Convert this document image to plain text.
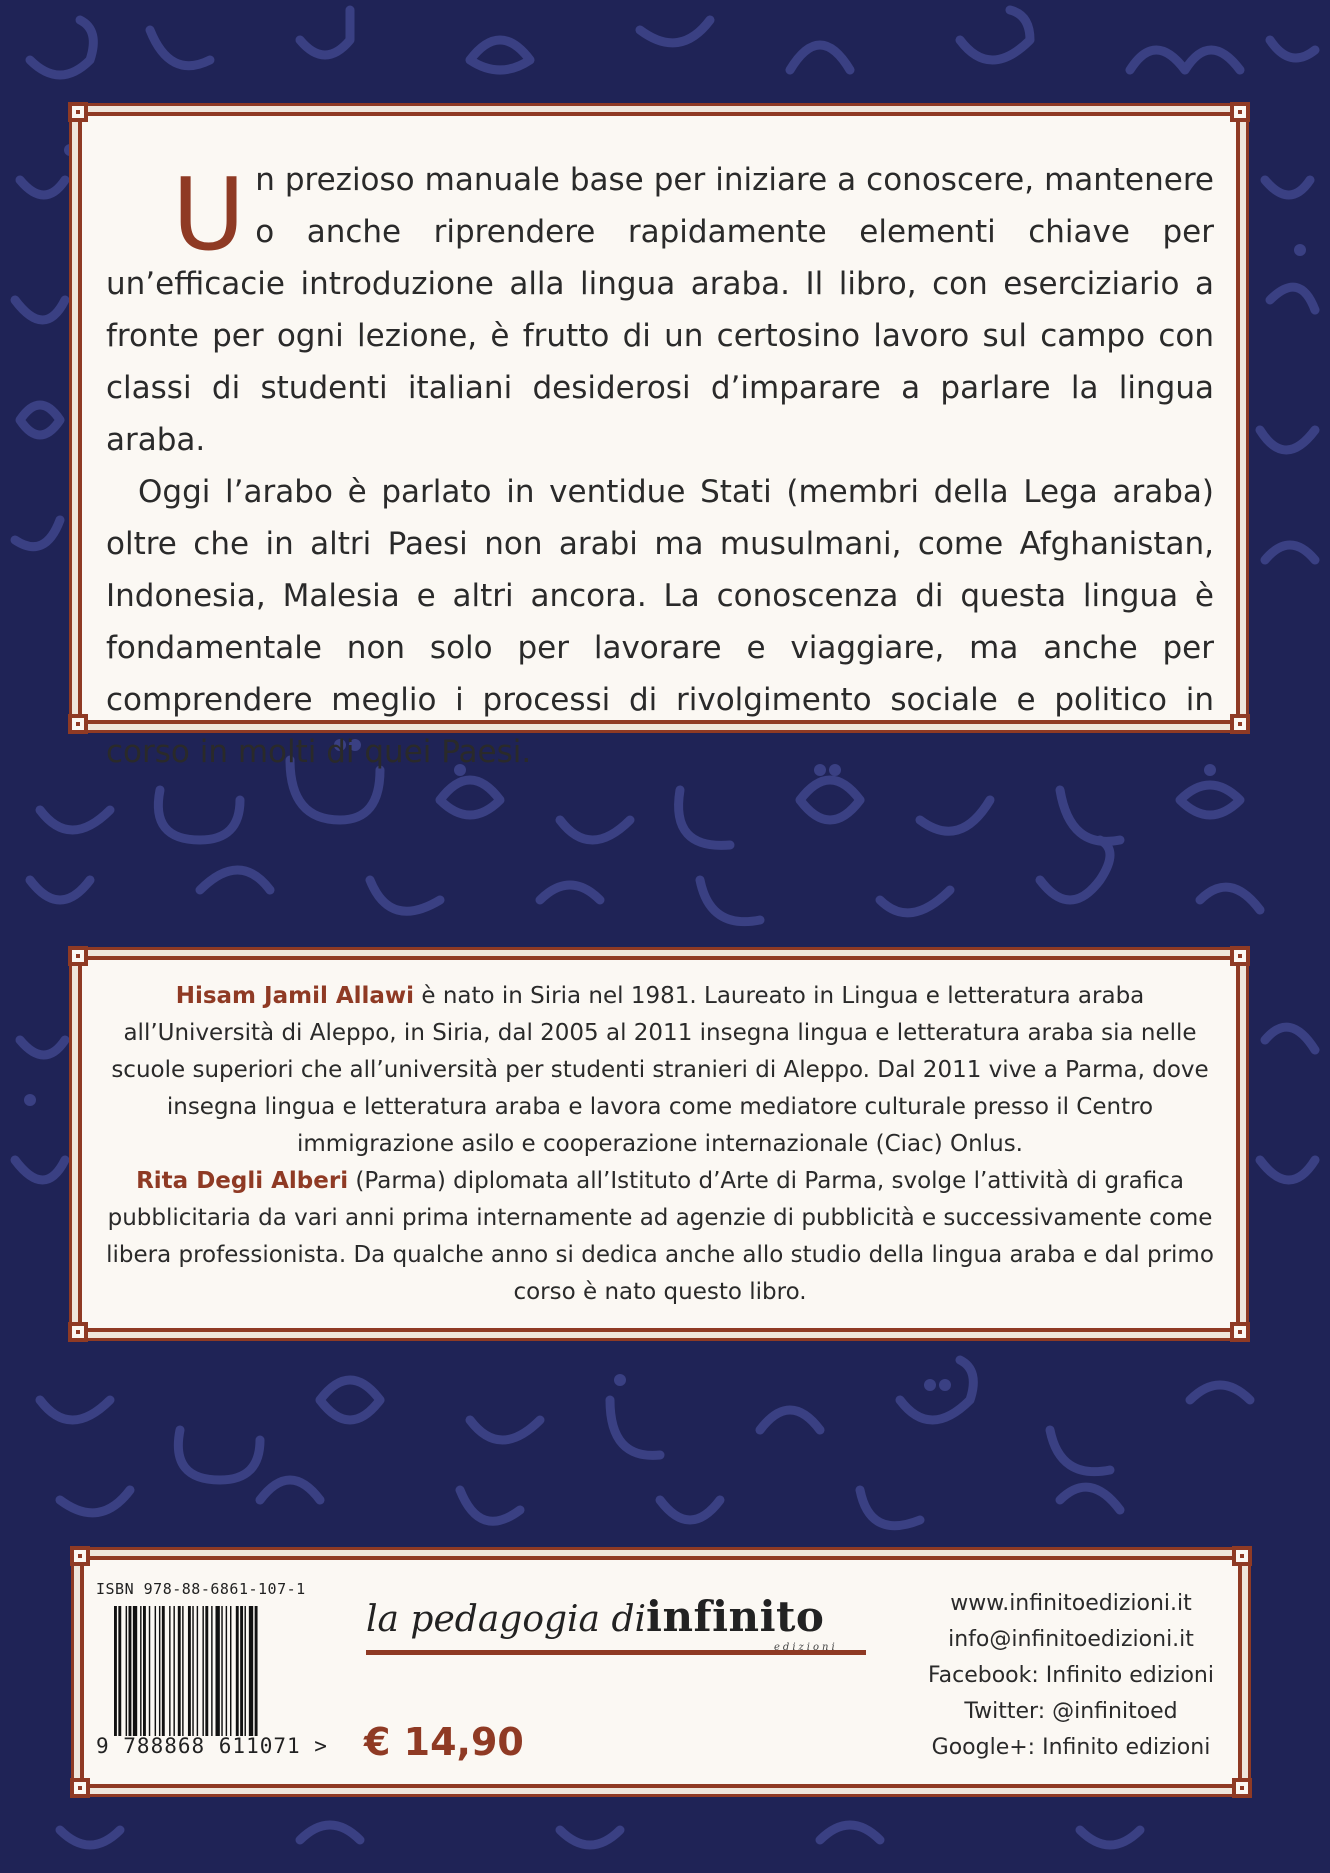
Un prezioso manuale base per iniziare a conoscere, mantenere o anche riprendere rapidamente elementi chiave per un’efficacie introduzione alla lingua araba. Il libro, con eserciziario a fronte per ogni lezione, è frutto di un certosino lavoro sul campo con classi di studenti italiani desiderosi d’imparare a parlare la lingua araba.

Oggi l’arabo è parlato in ventidue Stati (membri della Lega araba) oltre che in altri Paesi non arabi ma musulmani, come Afghanistan, Indonesia, Malesia e altri ancora. La conoscenza di questa lingua è fondamentale non solo per lavorare e viaggiare, ma anche per comprendere meglio i processi di rivolgimento sociale e politico in corso in molti di quei Paesi.

Hisam Jamil Allawi è nato in Siria nel 1981. Laureato in Lingua e letteratura araba all’Università di Aleppo, in Siria, dal 2005 al 2011 insegna lingua e letteratura araba sia nelle scuole superiori che all’università per studenti stranieri di Aleppo. Dal 2011 vive a Parma, dove insegna lingua e letteratura araba e lavora come mediatore culturale presso il Centro immigrazione asilo e cooperazione internazionale (Ciac) Onlus.

Rita Degli Alberi (Parma) diplomata all’Istituto d’Arte di Parma, svolge l’attività di grafica pubblicitaria da vari anni prima internamente ad agenzie di pubblicità e successivamente come libera professionista. Da qualche anno si dedica anche allo studio della lingua araba e dal primo corso è nato questo libro.

ISBN 978-88-6861-107-1
9 788868 611071 >
la pedagogia diinfinito
edizioni
€ 14,90
www.infinitoedizioni.it
info@infinitoedizioni.it
Facebook: Infinito edizioni
Twitter: @infinitoed
Google+: Infinito edizioni
